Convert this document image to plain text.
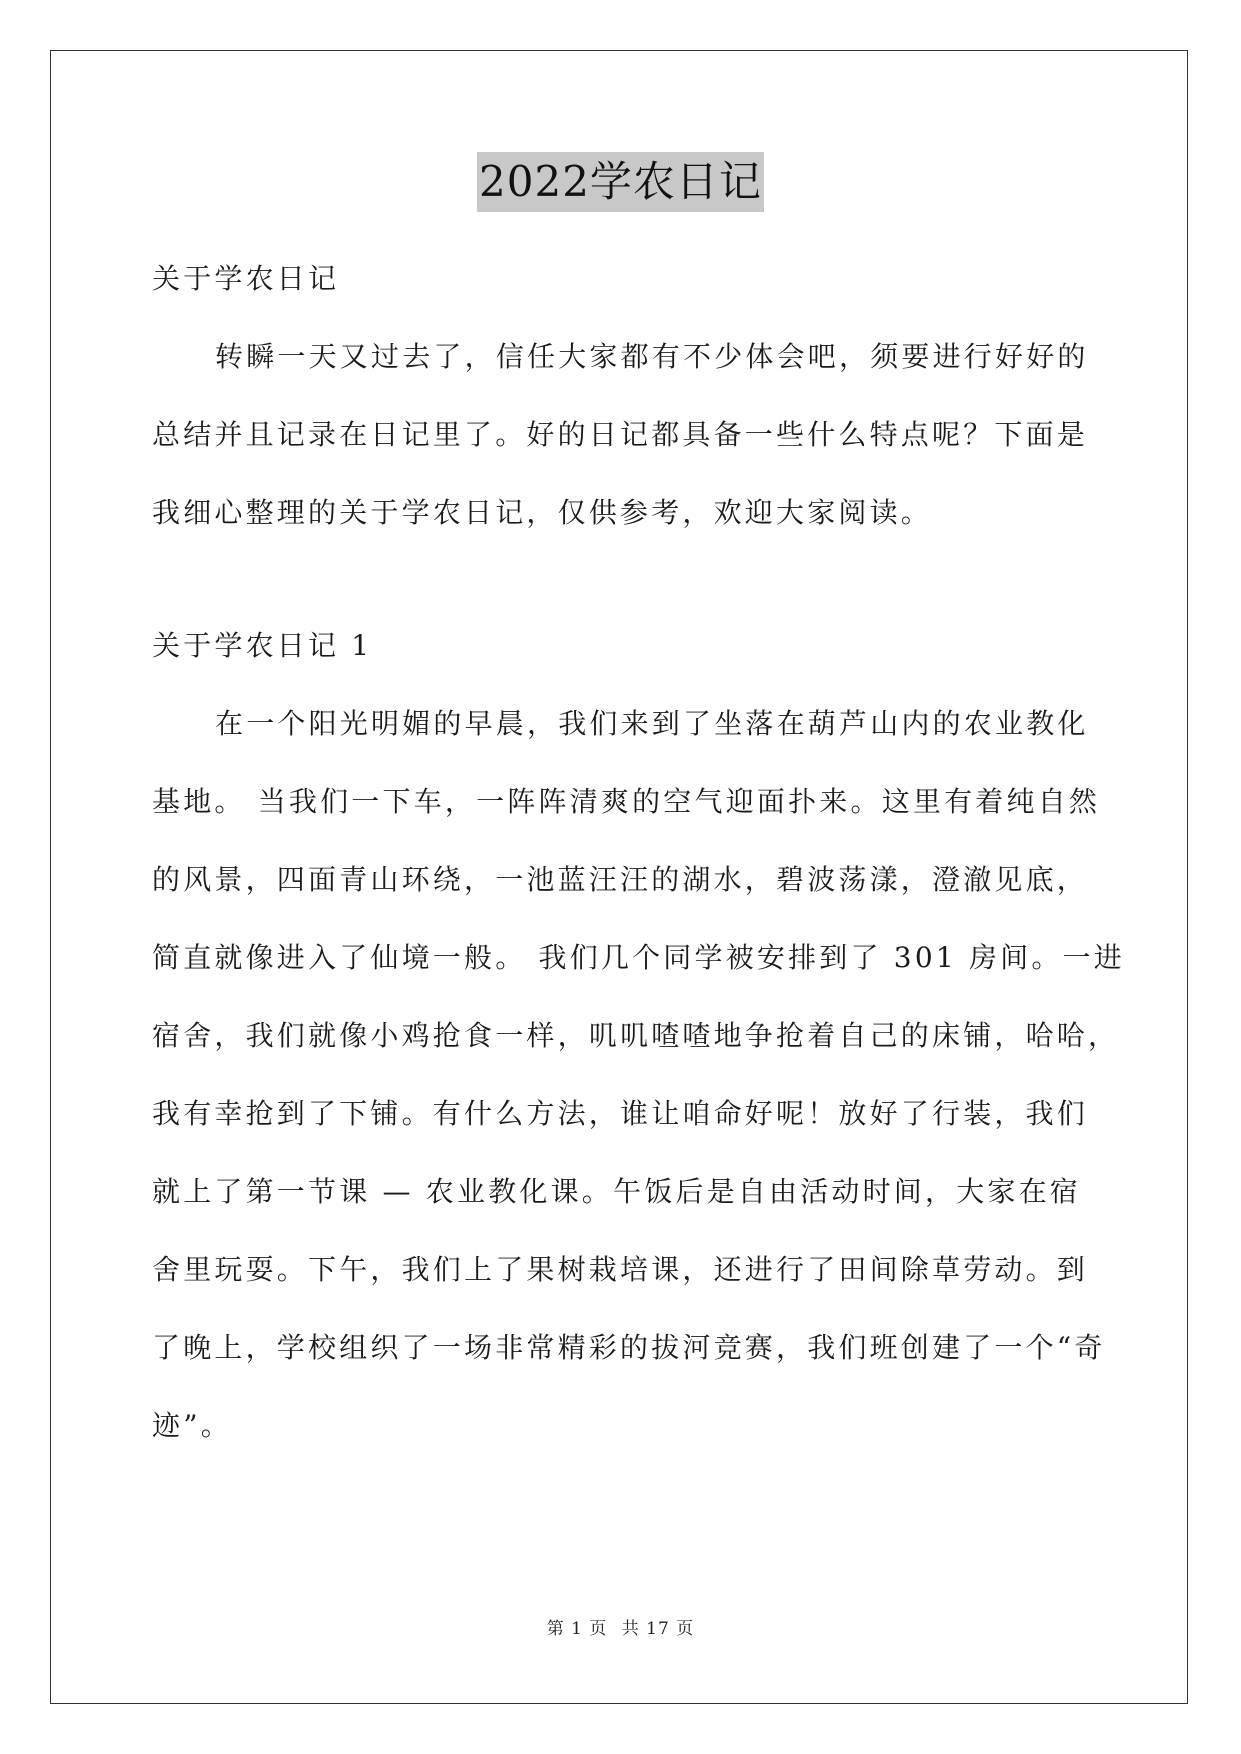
2022学农日记

关于学农日记

转瞬一天又过去了，信任大家都有不少体会吧，须要进行好好的

总结并且记录在日记里了。好的日记都具备一些什么特点呢？下面是

我细心整理的关于学农日记，仅供参考，欢迎大家阅读。

关于学农日记 1

在一个阳光明媚的早晨，我们来到了坐落在葫芦山内的农业教化

基地。 当我们一下车，一阵阵清爽的空气迎面扑来。这里有着纯自然

的风景，四面青山环绕，一池蓝汪汪的湖水，碧波荡漾，澄澈见底，

简直就像进入了仙境一般。 我们几个同学被安排到了 301 房间。一进

宿舍，我们就像小鸡抢食一样，叽叽喳喳地争抢着自己的床铺，哈哈，

我有幸抢到了下铺。有什么方法，谁让咱命好呢！放好了行装，我们

就上了第一节课 — 农业教化课。午饭后是自由活动时间，大家在宿

舍里玩耍。下午，我们上了果树栽培课，还进行了田间除草劳动。到

了晚上，学校组织了一场非常精彩的拔河竞赛，我们班创建了一个“奇

迹”。

第 1 页 共 17 页
